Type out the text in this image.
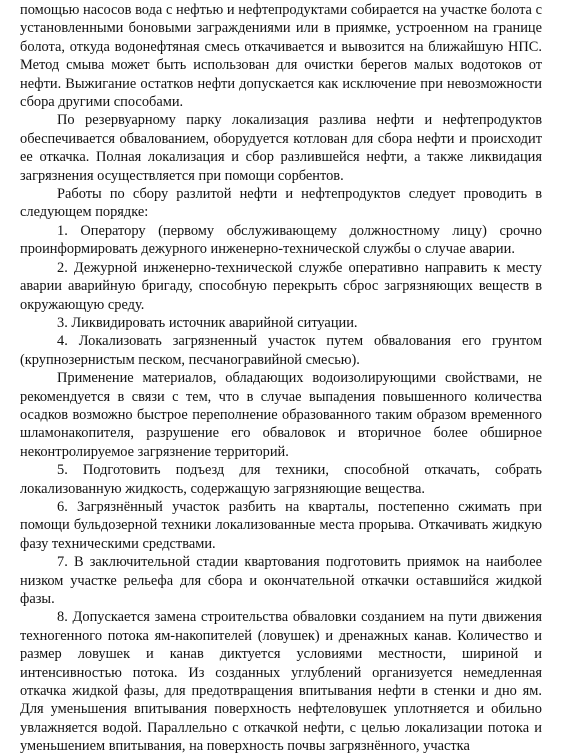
помощью насосов вода с нефтью и нефтепродуктами собирается на участке болота с установленными боновыми заграждениями или в приямке, устроенном на границе болота, откуда водонефтяная смесь откачивается и вывозится на ближайшую НПС. Метод смыва может быть использован для очистки берегов малых водотоков от нефти. Выжигание остатков нефти допускается как исключение при невозможности сбора другими способами.

По резервуарному парку локализация разлива нефти и нефтепродуктов обеспечивается обвалованием, оборудуется котлован для сбора нефти и происходит ее откачка. Полная локализация и сбор разлившейся нефти, а также ликвидация загрязнения осуществляется при помощи сорбентов.

Работы по сбору разлитой нефти и нефтепродуктов следует проводить в следующем порядке:

1. Оператору (первому обслуживающему должностному лицу) срочно проинформировать дежурного инженерно-технической службы о случае аварии.

2. Дежурной инженерно-технической службе оперативно направить к месту аварии аварийную бригаду, способную перекрыть сброс загрязняющих веществ в окружающую среду.

3. Ликвидировать источник аварийной ситуации.

4. Локализовать загрязненный участок путем обвалования его грунтом (крупнозернистым песком, песчаногравийной смесью).

Применение материалов, обладающих водоизолирующими свойствами, не рекомендуется в связи с тем, что в случае выпадения повышенного количества осадков возможно быстрое переполнение образованного таким образом временного шламонакопителя, разрушение его обваловок и вторичное более обширное неконтролируемое загрязнение территорий.

5. Подготовить подъезд для техники, способной откачать, собрать локализованную жидкость, содержащую загрязняющие вещества.

6. Загрязнённый участок разбить на кварталы, постепенно сжимать при помощи бульдозерной техники локализованные места прорыва. Откачивать жидкую фазу техническими средствами.

7. В заключительной стадии квартования подготовить приямок на наиболее низком участке рельефа для сбора и окончательной откачки оставшийся жидкой фазы.

8. Допускается замена строительства обваловки созданием на пути движения техногенного потока ям-накопителей (ловушек) и дренажных канав. Количество и размер ловушек и канав диктуется условиями местности, шириной и интенсивностью потока. Из созданных углублений организуется немедленная откачка жидкой фазы, для предотвращения впитывания нефти в стенки и дно ям. Для уменьшения впитывания поверхность нефтеловушек уплотняется и обильно увлажняется водой. Параллельно с откачкой нефти, с целью локализации потока и уменьшением впитывания, на поверхность почвы загрязнённого, участка
